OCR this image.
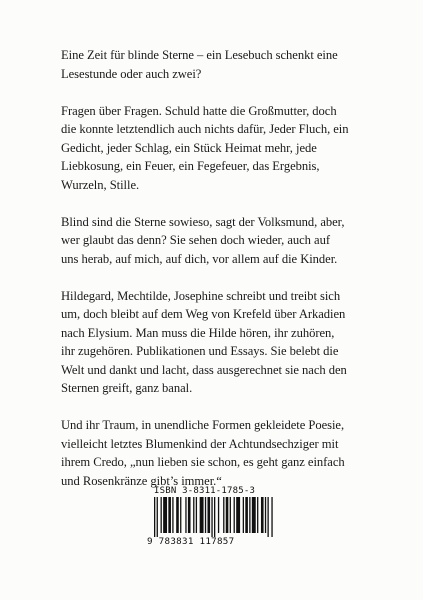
Eine Zeit für blinde Sterne – ein Lesebuch schenkt eine
Lesestunde oder auch zwei?

Fragen über Fragen. Schuld hatte die Großmutter, doch
die konnte letztendlich auch nichts dafür, Jeder Fluch, ein
Gedicht, jeder Schlag, ein Stück Heimat mehr, jede
Liebkosung, ein Feuer, ein Fegefeuer, das Ergebnis,
Wurzeln, Stille.

Blind sind die Sterne sowieso, sagt der Volksmund, aber,
wer glaubt das denn? Sie sehen doch wieder, auch auf
uns herab, auf mich, auf dich, vor allem auf die Kinder.

Hildegard, Mechtilde, Josephine schreibt und treibt sich
um, doch bleibt auf dem Weg von Krefeld über Arkadien
nach Elysium. Man muss die Hilde hören, ihr zuhören,
ihr zugehören. Publikationen und Essays. Sie belebt die
Welt und dankt und lacht, dass ausgerechnet sie nach den
Sternen greift, ganz banal.

Und ihr Traum, in unendliche Formen gekleidete Poesie,
vielleicht letztes Blumenkind der Achtundsechziger mit
ihrem Credo, „nun lieben sie schon, es geht ganz einfach
und Rosenkränze gibt’s immer.“

ISBN 3-8311-1785-3
9 783831 117857
